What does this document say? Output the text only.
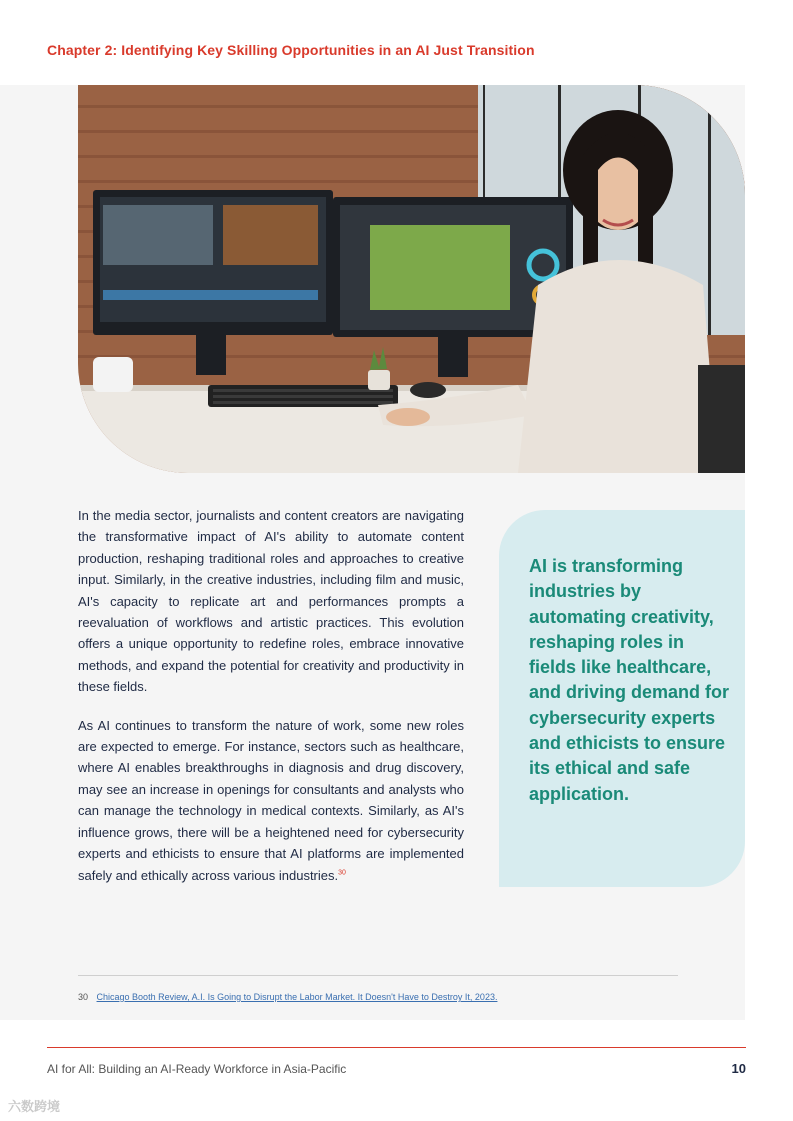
Chapter 2: Identifying Key Skilling Opportunities in an AI Just Transition

In the media sector, journalists and content creators are navigating the transformative impact of AI's ability to automate content production, reshaping traditional roles and approaches to creative input. Similarly, in the creative industries, including film and music, AI's capacity to replicate art and performances prompts a reevaluation of workflows and artistic practices. This evolution offers a unique opportunity to redefine roles, embrace innovative methods, and expand the potential for creativity and productivity in these fields.

As AI continues to transform the nature of work, some new roles are expected to emerge. For instance, sectors such as healthcare, where AI enables breakthroughs in diagnosis and drug discovery, may see an increase in openings for consultants and analysts who can manage the technology in medical contexts. Similarly, as AI's influence grows, there will be a heightened need for cybersecurity experts and ethicists to ensure that AI platforms are implemented safely and ethically across various industries.$^{30}$

AI is transforming industries by automating creativity, reshaping roles in fields like healthcare, and driving demand for cybersecurity experts and ethicists to ensure its ethical and safe application.
30 Chicago Booth Review, A.I. Is Going to Disrupt the Labor Market. It Doesn't Have to Destroy It, 2023.
AI for All: Building an AI-Ready Workforce in Asia-Pacific	10
六数跨境
